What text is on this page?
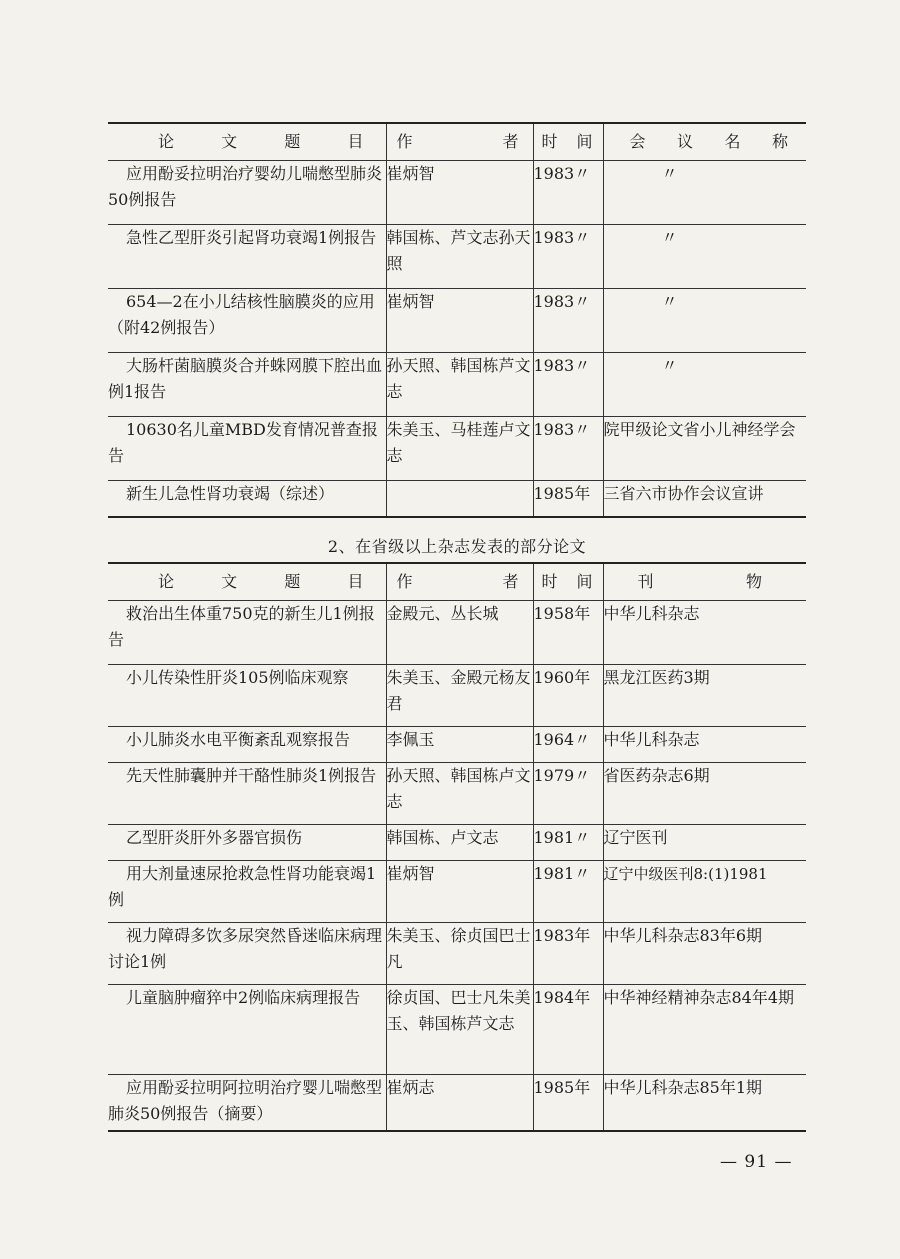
论 文 题 目	作 者	时 间	会 议 名 称

应用酚妥拉明治疗婴幼儿喘憋型肺炎50例报告	崔炳智	1983〃	〃
急性乙型肝炎引起肾功衰竭1例报告	韩国栋、芦文志孙天照	1983〃	〃
654—2在小儿结核性脑膜炎的应用（附42例报告）	崔炳智	1983〃	〃
大肠杆菌脑膜炎合并蛛网膜下腔出血例1报告	孙天照、韩国栋芦文志	1983〃	〃
10630名儿童MBD发育情况普查报告	朱美玉、马桂莲卢文志	1983〃	院甲级论文省小儿神经学会
新生儿急性肾功衰竭（综述）		1985年	三省六市协作会议宣讲
2、在省级以上杂志发表的部分论文
论 文 题 目	作 者	时 间	刊 物

救治出生体重750克的新生儿1例报告	金殿元、丛长城	1958年	中华儿科杂志
小儿传染性肝炎105例临床观察	朱美玉、金殿元杨友君	1960年	黑龙江医药3期
小儿肺炎水电平衡紊乱观察报告	李佩玉	1964〃	中华儿科杂志
先天性肺囊肿并干酪性肺炎1例报告	孙天照、韩国栋卢文志	1979〃	省医药杂志6期
乙型肝炎肝外多器官损伤	韩国栋、卢文志	1981〃	辽宁医刊
用大剂量速尿抢救急性肾功能衰竭1例	崔炳智	1981〃	辽宁中级医刊8:(1)1981
视力障碍多饮多尿突然昏迷临床病理讨论1例	朱美玉、徐贞国巴士凡	1983年	中华儿科杂志83年6期
儿童脑肿瘤猝中2例临床病理报告	徐贞国、巴士凡朱美玉、韩国栋芦文志	1984年	中华神经精神杂志84年4期
应用酚妥拉明阿拉明治疗婴儿喘憋型肺炎50例报告（摘要）	崔炳志	1985年	中华儿科杂志85年1期
— 91 —
